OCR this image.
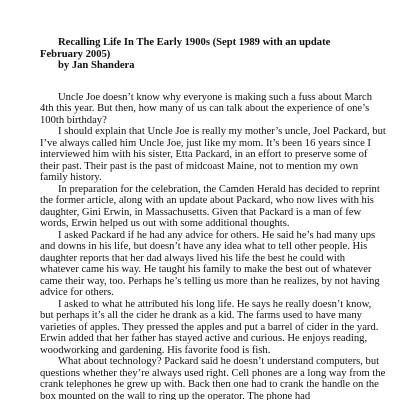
Recalling Life In The Early 1900s (Sept 1989 with an update

February 2005)

by Jan Shandera

Uncle Joe doesn’t know why everyone is making such a fuss about March 4th this year. But then, how many of us can talk about the experience of one’s 100th birthday?

I should explain that Uncle Joe is really my mother’s uncle, Joel Packard, but I’ve always called him Uncle Joe, just like my mom. It’s been 16 years since I interviewed him with his sister, Etta Packard, in an effort to preserve some of their past. Their past is the past of midcoast Maine, not to mention my own family history.

In preparation for the celebration, the Camden Herald has decided to reprint the former article, along with an update about Packard, who now lives with his daughter, Gini Erwin, in Massachusetts. Given that Packard is a man of few words, Erwin helped us out with some additional thoughts.

I asked Packard if he had any advice for others. He said he’s had many ups and downs in his life, but doesn’t have any idea what to tell other people. His daughter reports that her dad always lived his life the best he could with whatever came his way. He taught his family to make the best out of whatever came their way, too. Perhaps he’s telling us more than he realizes, by not having advice for others.

I asked to what he attributed his long life. He says he really doesn’t know, but perhaps it’s all the cider he drank as a kid. The farms used to have many varieties of apples. They pressed the apples and put a barrel of cider in the yard. Erwin added that her father has stayed active and curious. He enjoys reading, woodworking and gardening. His favorite food is fish.

What about technology? Packard said he doesn’t understand computers, but questions whether they’re always used right. Cell phones are a long way from the crank telephones he grew up with. Back then one had to crank the handle on the box mounted on the wall to ring up the operator. The phone had
